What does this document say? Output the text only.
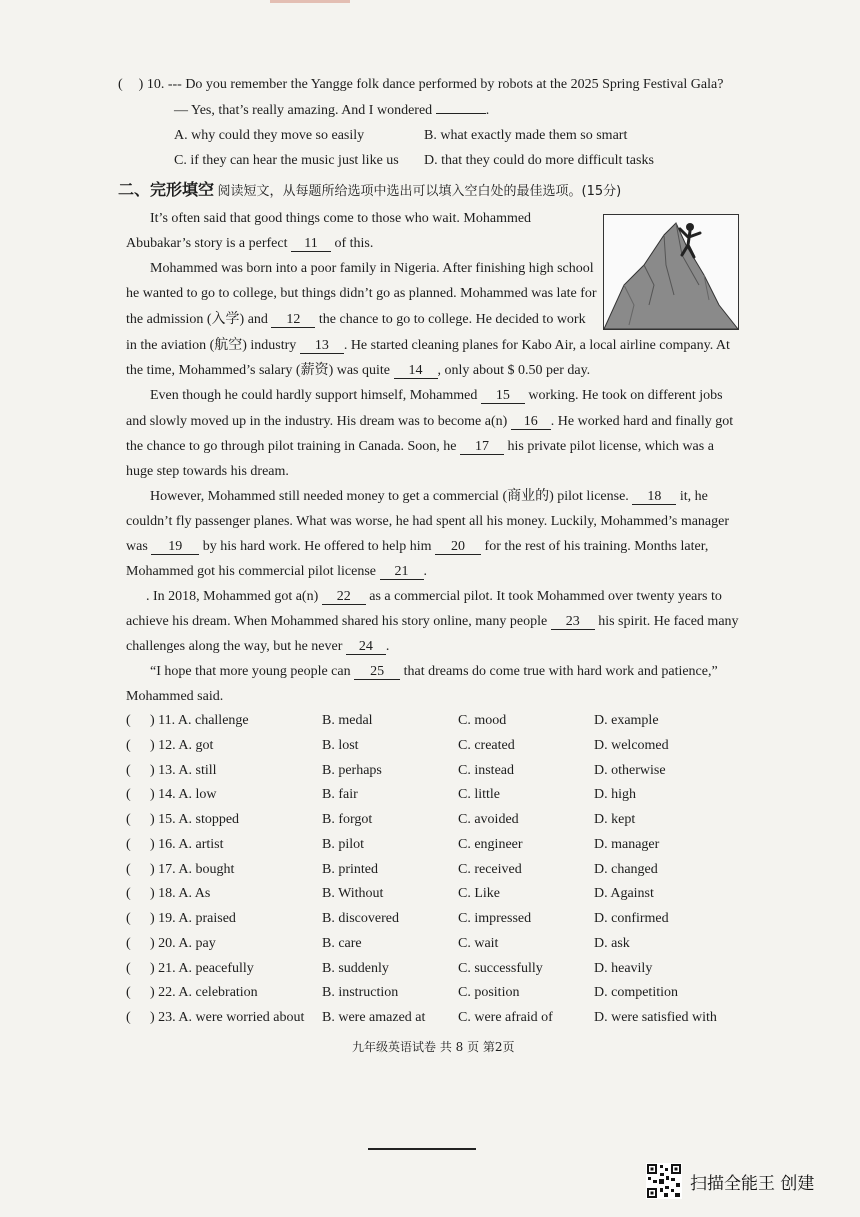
( ) 10. --- Do you remember the Yangge folk dance performed by robots at the 2025 Spring Festival Gala?
— Yes, that’s really amazing. And I wondered	.
A. why could they move so easily	B. what exactly made them so smart
C. if they can hear the music just like us D. that they could do more difficult tasks
二、完形填空 阅读短文，从每题所给选项中选出可以填入空白处的最佳选项。(15分)
It’s often said that good things come to those who wait. Mohammed
Abubakar’s story is a perfect 11 of this.
Mohammed was born into a poor family in Nigeria. After finishing high school
he wanted to go to college, but things didn’t go as planned. Mohammed was late for
the admission (入学) and 12 the chance to go to college. He decided to work
in the aviation (航空) industry 13 . He started cleaning planes for Kabo Air, a local airline company. At
the time, Mohammed’s salary (薪资) was quite 14 , only about $ 0.50 per day.
Even though he could hardly support himself, Mohammed 15 working. He took on different jobs
and slowly moved up in the industry. His dream was to become a(n) 16 . He worked hard and finally got
the chance to go through pilot training in Canada. Soon, he 17 his private pilot license, which was a
huge step towards his dream.
However, Mohammed still needed money to get a commercial (商业的) pilot license. 18 it, he
couldn’t fly passenger planes. What was worse, he had spent all his money. Luckily, Mohammed’s manager
was 19 by his hard work. He offered to help him 20 for the rest of his training. Months later,
Mohammed got his commercial pilot license 21 .
. In 2018, Mohammed got a(n) 22 as a commercial pilot. It took Mohammed over twenty years to
achieve his dream. When Mohammed shared his story online, many people 23 his spirit. He faced many
challenges along the way, but he never 24 .
“I hope that more young people can 25 that dreams do come true with hard work and patience,”
Mohammed said.
( ) 11. A. challenge	B. medal	C. mood	D. example
( ) 12. A. got	B. lost	C. created	D. welcomed
( ) 13. A. still	B. perhaps	C. instead	D. otherwise
( ) 14. A. low	B. fair	C. little	D. high
( ) 15. A. stopped	B. forgot	C. avoided	D. kept
( ) 16. A. artist	B. pilot	C. engineer	D. manager
( ) 17. A. bought	B. printed	C. received	D. changed
( ) 18. A. As	B. Without	C. Like	D. Against
( ) 19. A. praised	B. discovered	C. impressed	D. confirmed
( ) 20. A. pay	B. care	C. wait	D. ask
( ) 21. A. peacefully	B. suddenly	C. successfully	D. heavily
( ) 22. A. celebration	B. instruction	C. position	D. competition
( ) 23. A. were worried about B. were amazed at C. were afraid of	D. were satisfied with
九年级英语试卷 共 8 页 第2页
扫描全能王 创建
